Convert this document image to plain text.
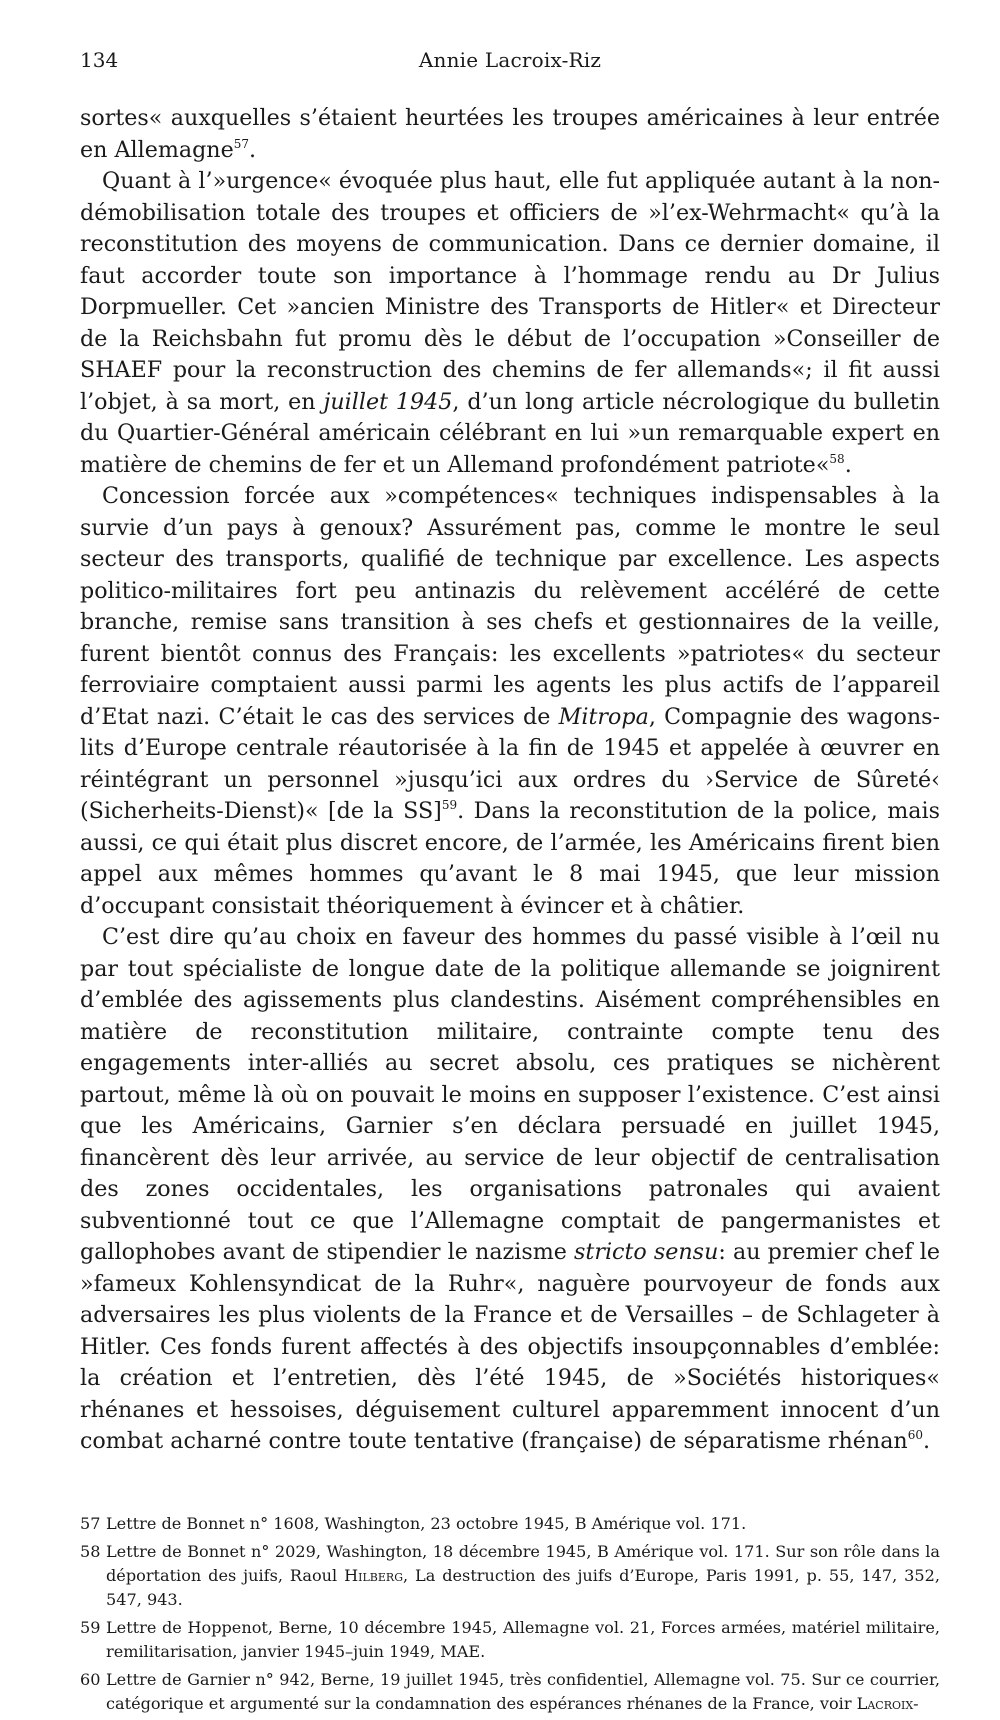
134	Annie Lacroix-Riz

sortes« auxquelles s’étaient heurtées les troupes américaines à leur entrée en Allemagne$^{57}$.

Quant à l’»urgence« évoquée plus haut, elle fut appliquée autant à la non-démobilisation totale des troupes et officiers de »l’ex-Wehrmacht« qu’à la reconstitution des moyens de communication. Dans ce dernier domaine, il faut accorder toute son importance à l’hommage rendu au Dr Julius Dorpmueller. Cet »ancien Ministre des Transports de Hitler« et Directeur de la Reichsbahn fut promu dès le début de l’occupation »Conseiller de SHAEF pour la reconstruction des chemins de fer allemands«; il fit aussi l’objet, à sa mort, en juillet 1945, d’un long article nécrologique du bulletin du Quartier-Général américain célébrant en lui »un remarquable expert en matière de chemins de fer et un Allemand profondément patriote«$^{58}$.

Concession forcée aux »compétences« techniques indispensables à la survie d’un pays à genoux? Assurément pas, comme le montre le seul secteur des transports, qualifié de technique par excellence. Les aspects politico-militaires fort peu antinazis du relèvement accéléré de cette branche, remise sans transition à ses chefs et gestionnaires de la veille, furent bientôt connus des Français: les excellents »patriotes« du secteur ferroviaire comptaient aussi parmi les agents les plus actifs de l’appareil d’Etat nazi. C’était le cas des services de Mitropa, Compagnie des wagons-lits d’Europe centrale réautorisée à la fin de 1945 et appelée à œuvrer en réintégrant un personnel »jusqu’ici aux ordres du ›Service de Sûreté‹ (Sicherheits-Dienst)« [de la SS]$^{59}$. Dans la reconstitution de la police, mais aussi, ce qui était plus discret encore, de l’armée, les Américains firent bien appel aux mêmes hommes qu’avant le 8 mai 1945, que leur mission d’occupant consistait théoriquement à évincer et à châtier.

C’est dire qu’au choix en faveur des hommes du passé visible à l’œil nu par tout spécialiste de longue date de la politique allemande se joignirent d’emblée des agissements plus clandestins. Aisément compréhensibles en matière de reconstitution militaire, contrainte compte tenu des engagements inter-alliés au secret absolu, ces pratiques se nichèrent partout, même là où on pouvait le moins en supposer l’existence. C’est ainsi que les Américains, Garnier s’en déclara persuadé en juillet 1945, financèrent dès leur arrivée, au service de leur objectif de centralisation des zones occidentales, les organisations patronales qui avaient subventionné tout ce que l’Allemagne comptait de pangermanistes et gallophobes avant de stipendier le nazisme stricto sensu: au premier chef le »fameux Kohlensyndicat de la Ruhr«, naguère pourvoyeur de fonds aux adversaires les plus violents de la France et de Versailles – de Schlageter à Hitler. Ces fonds furent affectés à des objectifs insoupçonnables d’emblée: la création et l’entretien, dès l’été 1945, de »Sociétés historiques« rhénanes et hessoises, déguisement culturel apparemment innocent d’un combat acharné contre toute tentative (française) de séparatisme rhénan$^{60}$.

57 Lettre de Bonnet n° 1608, Washington, 23 octobre 1945, B Amérique vol. 171.
58 Lettre de Bonnet n° 2029, Washington, 18 décembre 1945, B Amérique vol. 171. Sur son rôle dans la déportation des juifs, Raoul Hilberg, La destruction des juifs d’Europe, Paris 1991, p. 55, 147, 352, 547, 943.
59 Lettre de Hoppenot, Berne, 10 décembre 1945, Allemagne vol. 21, Forces armées, matériel militaire, remilitarisation, janvier 1945–juin 1949, MAE.
60 Lettre de Garnier n° 942, Berne, 19 juillet 1945, très confidentiel, Allemagne vol. 75. Sur ce courrier, catégorique et argumenté sur la condamnation des espérances rhénanes de la France, voir Lacroix-
